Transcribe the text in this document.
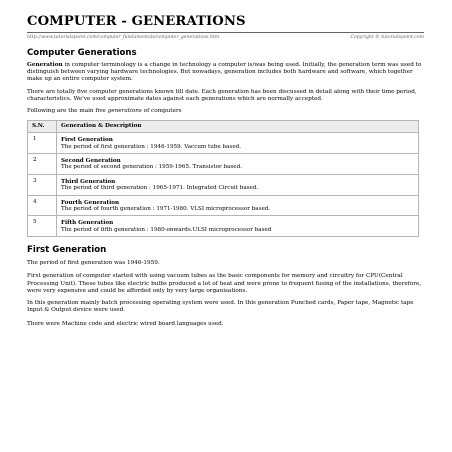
COMPUTER - GENERATIONS
http://www.tutorialspoint.com/computer_fundamentals/computer_generations.htm	Copyright © tutorialspoint.com
Computer Generations

Generation in computer terminology is a change in technology a computer is/was being used. Initially, the generation term was used to distinguish between varying hardware technologies. But nowadays, generation includes both hardware and software, which together make up an entire computer system.

There are totally five computer generations known till date. Each generation has been discussed in detail along with their time period, characteristics. We've used approximate dates against each generations which are normally accepted.

Following are the main five generations of computers

S.N.	Generation & Description
1	First Generation
The period of first generation : 1946-1959. Vaccum tube based.

2	Second Generation
The period of second generation : 1959-1965. Transistor based.

3	Third Generation
The period of third generation : 1965-1971. Integrated Circuit based.

4	Fourth Generation
The period of fourth generation : 1971-1980. VLSI microprocessor based.

5	Fifth Generation
The period of fifth generation : 1980-onwards.ULSI microprocessor based
First Generation

The period of first generation was 1946-1959.

First generation of computer started with using vacuum tubes as the basic components for memory and circuitry for CPU(Central Processing Unit). These tubes like electric bulbs produced a lot of heat and were prone to frequent fusing of the installations, therefore, were very expensive and could be afforded only by very large organisations.

In this generation mainly batch processing operating system were used. In this generation Punched cards, Paper tape, Magnetic tape Input & Output device were used.

There were Machine code and electric wired board languages used.
